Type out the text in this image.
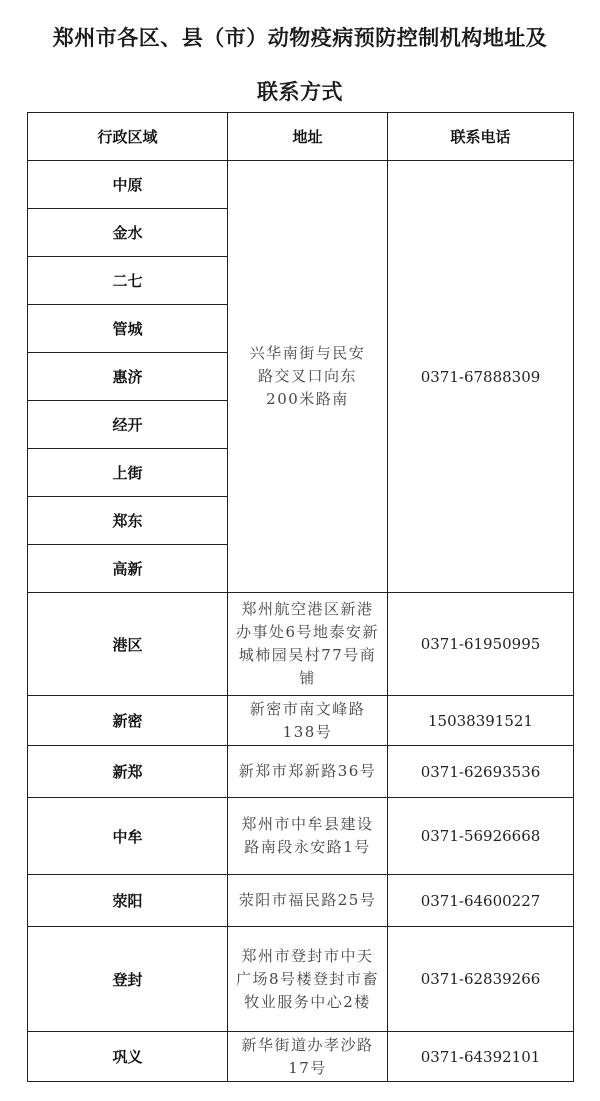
郑州市各区、县（市）动物疫病预防控制机构地址及
联系方式
行政区域	地址	联系电话
中原	兴华南街与民安路交叉口向东200米路南	0371-67888309
金水		
二七		
管城		
惠济		
经开		
上街		
郑东		
高新		
港区	郑州航空港区新港办事处6号地泰安新城柿园吴村77号商铺	0371-61950995
新密	新密市南文峰路138号	15038391521
新郑	新郑市郑新路36号	0371-62693536
中牟	郑州市中牟县建设路南段永安路1号	0371-56926668
荥阳	荥阳市福民路25号	0371-64600227
登封	郑州市登封市中天广场8号楼登封市畜牧业服务中心2楼	0371-62839266
巩义	新华街道办孝沙路17号	0371-64392101
